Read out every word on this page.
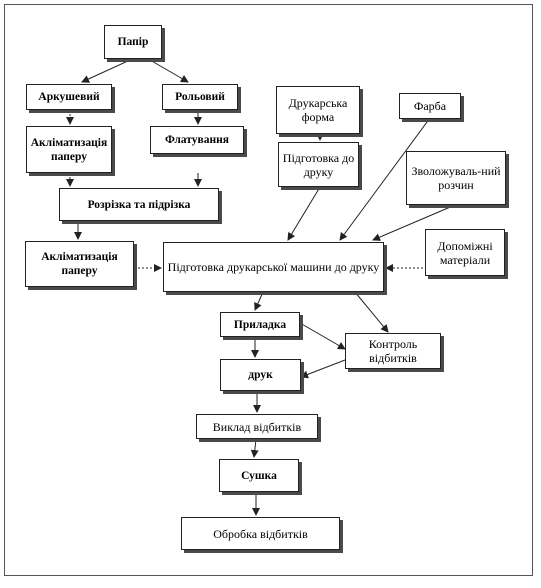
Папір
Аркушевий	Рольовий
Акліматизація паперу
Флатування
Розрізка та підрізка
Акліматизація паперу
Друкарська форма
Підготовка до друку
Фарба
Зволожуваль-ний розчин
Допоміжні матеріали
Підготовка друкарської машини до друку
Приладка
Контроль відбитків
друк
Виклад відбитків
Сушка
Обробка відбитків
